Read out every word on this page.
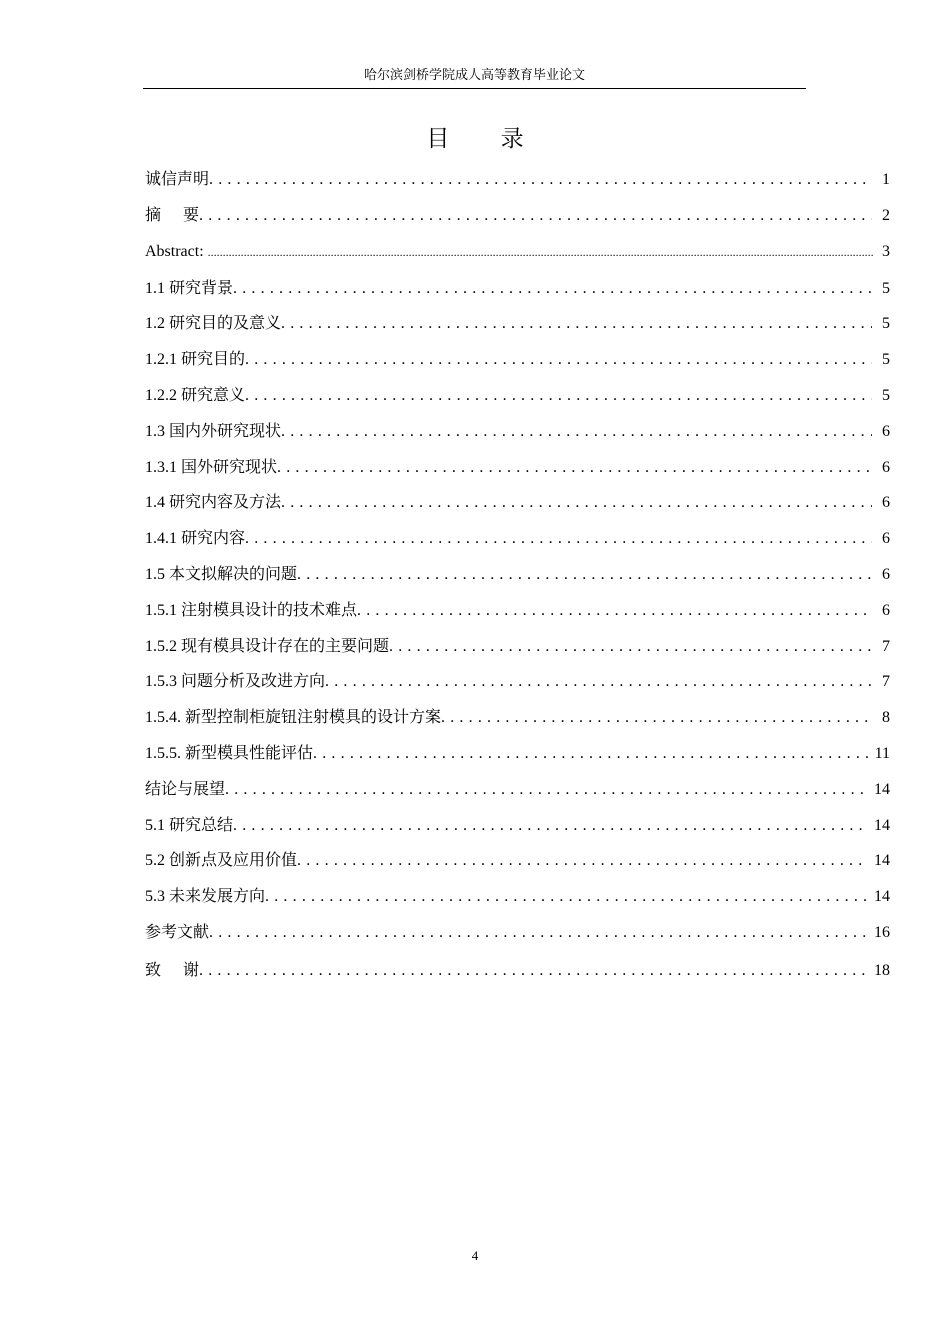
哈尔滨剑桥学院成人高等教育毕业论文
目 录
诚信声明 .....	1
摘 要 .....	2
Abstract: .....	3
1.1 研究背景 .....	5
1.2 研究目的及意义 .....	5
1.2.1 研究目的 .....	5
1.2.2 研究意义 .....	5
1.3 国内外研究现状 .....	6
1.3.1 国外研究现状 .....	6
1.4 研究内容及方法 .....	6
1.4.1 研究内容 .....	6
1.5 本文拟解决的问题 .....	6
1.5.1 注射模具设计的技术难点 .....	6
1.5.2 现有模具设计存在的主要问题 .....	7
1.5.3 问题分析及改进方向 .....	7
1.5.4. 新型控制柜旋钮注射模具的设计方案 .....	8
1.5.5. 新型模具性能评估 .....	11
结论与展望 .....	14
5.1 研究总结 .....	14
5.2 创新点及应用价值 .....	14
5.3 未来发展方向 .....	14
参考文献 .....	16
致 谢 .....	18
4
